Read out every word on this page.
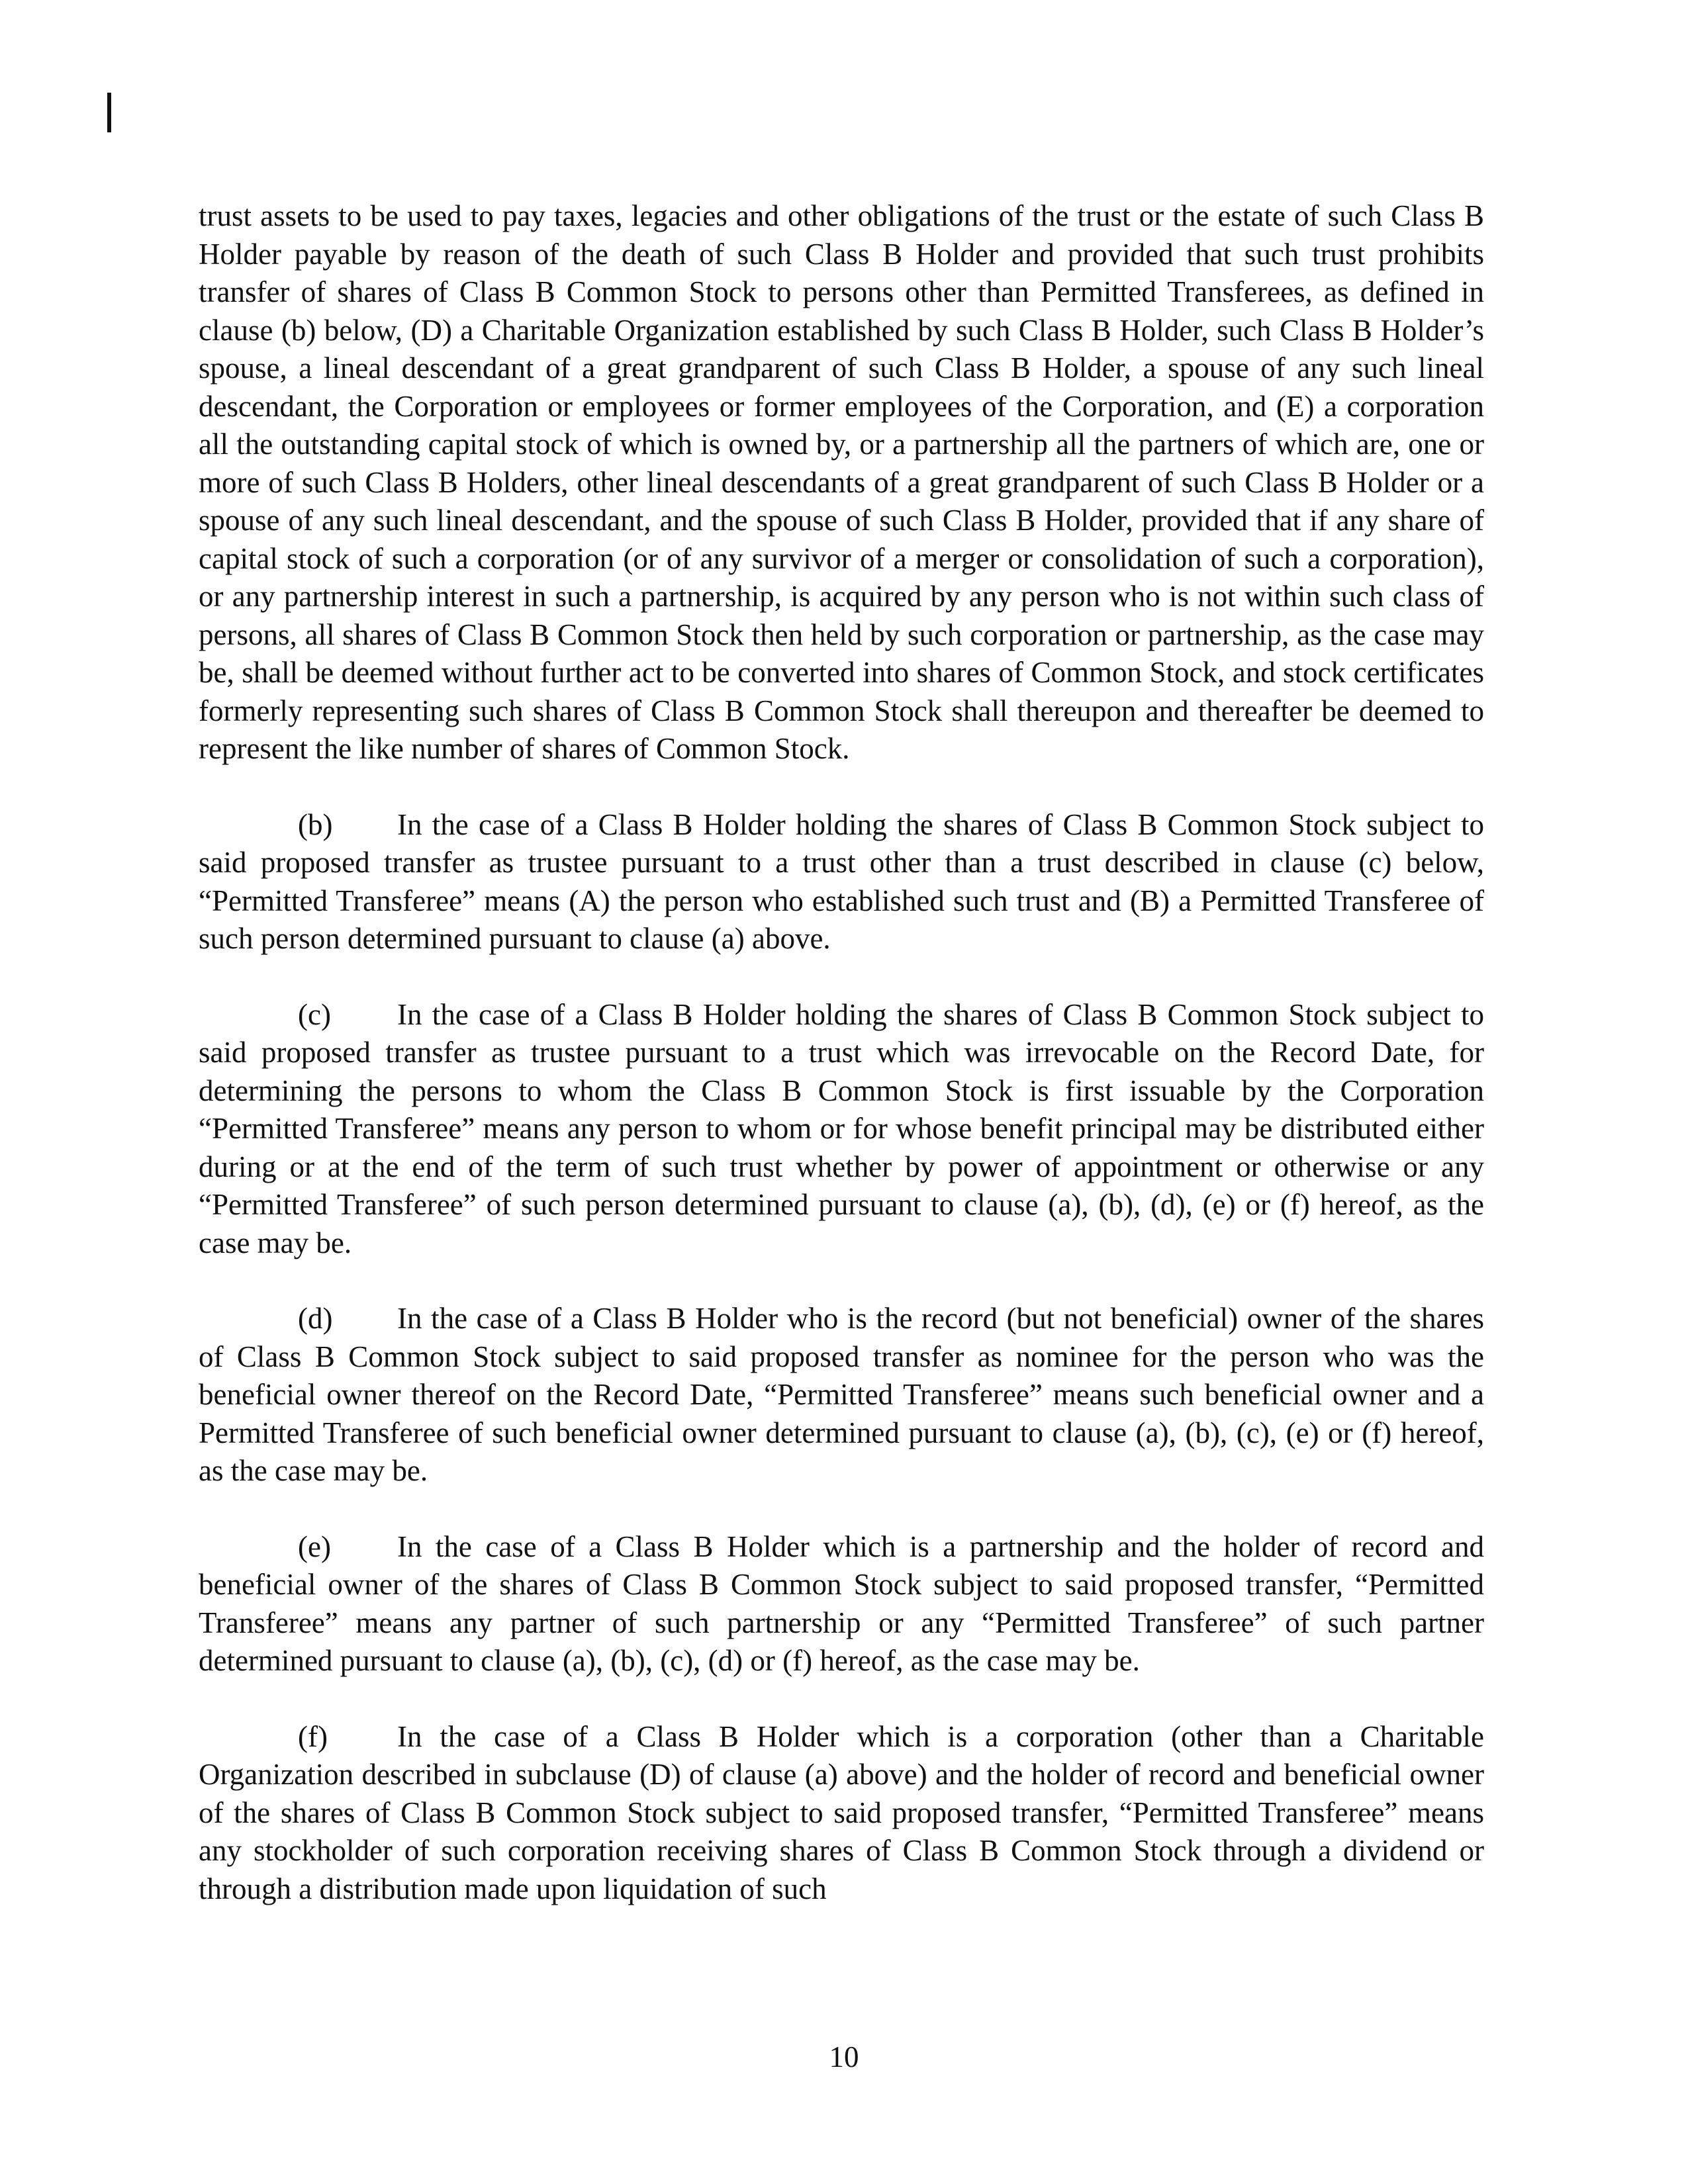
trust assets to be used to pay taxes, legacies and other obligations of the trust or the estate of such Class B Holder payable by reason of the death of such Class B Holder and provided that such trust prohibits transfer of shares of Class B Common Stock to persons other than Permitted Transferees, as defined in clause (b) below, (D) a Charitable Organization established by such Class B Holder, such Class B Holder’s spouse, a lineal descendant of a great grandparent of such Class B Holder, a spouse of any such lineal descendant, the Corporation or employees or former employees of the Corporation, and (E) a corporation all the outstanding capital stock of which is owned by, or a partnership all the partners of which are, one or more of such Class B Holders, other lineal descendants of a great grandparent of such Class B Holder or a spouse of any such lineal descendant, and the spouse of such Class B Holder, provided that if any share of capital stock of such a corporation (or of any survivor of a merger or consolidation of such a corporation), or any partnership interest in such a partnership, is acquired by any person who is not within such class of persons, all shares of Class B Common Stock then held by such corporation or partnership, as the case may be, shall be deemed without further act to be converted into shares of Common Stock, and stock certificates formerly representing such shares of Class B Common Stock shall thereupon and thereafter be deemed to represent the like number of shares of Common Stock.

(b) In the case of a Class B Holder holding the shares of Class B Common Stock subject to said proposed transfer as trustee pursuant to a trust other than a trust described in clause (c) below, “Permitted Transferee” means (A) the person who established such trust and (B) a Permitted Transferee of such person determined pursuant to clause (a) above.

(c) In the case of a Class B Holder holding the shares of Class B Common Stock subject to said proposed transfer as trustee pursuant to a trust which was irrevocable on the Record Date, for determining the persons to whom the Class B Common Stock is first issuable by the Corporation “Permitted Transferee” means any person to whom or for whose benefit principal may be distributed either during or at the end of the term of such trust whether by power of appointment or otherwise or any “Permitted Transferee” of such person determined pursuant to clause (a), (b), (d), (e) or (f) hereof, as the case may be.

(d) In the case of a Class B Holder who is the record (but not beneficial) owner of the shares of Class B Common Stock subject to said proposed transfer as nominee for the person who was the beneficial owner thereof on the Record Date, “Permitted Transferee” means such beneficial owner and a Permitted Transferee of such beneficial owner determined pursuant to clause (a), (b), (c), (e) or (f) hereof, as the case may be.

(e) In the case of a Class B Holder which is a partnership and the holder of record and beneficial owner of the shares of Class B Common Stock subject to said proposed transfer, “Permitted Transferee” means any partner of such partnership or any “Permitted Transferee” of such partner determined pursuant to clause (a), (b), (c), (d) or (f) hereof, as the case may be.

(f) In the case of a Class B Holder which is a corporation (other than a Charitable Organization described in subclause (D) of clause (a) above) and the holder of record and beneficial owner of the shares of Class B Common Stock subject to said proposed transfer, “Permitted Transferee” means any stockholder of such corporation receiving shares of Class B Common Stock through a dividend or through a distribution made upon liquidation of such

10
